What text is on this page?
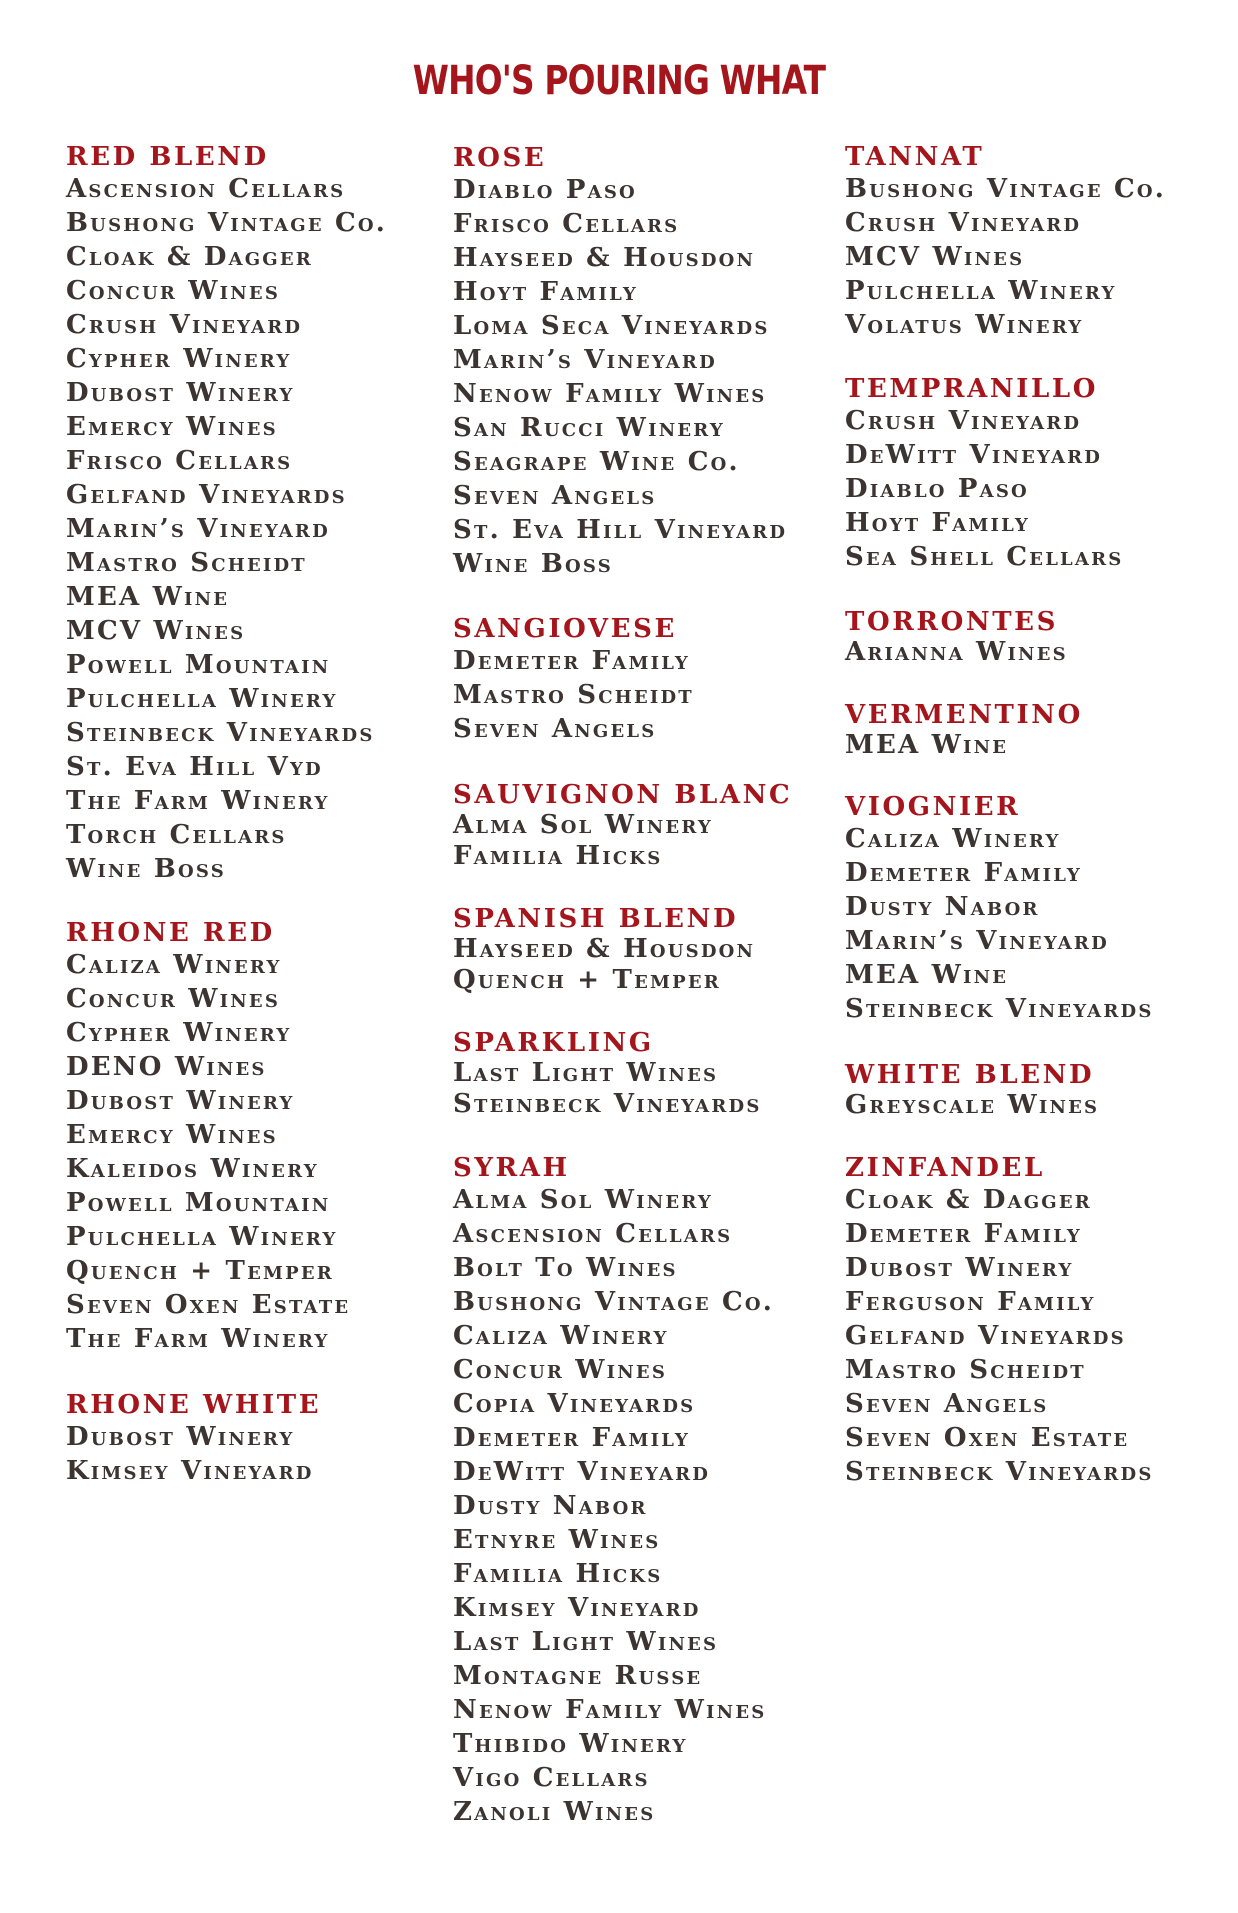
WHO'S POURING WHAT
RED BLEND
Ascension Cellars
Bushong Vintage Co.
Cloak & Dagger
Concur Wines
Crush Vineyard
Cypher Winery
Dubost Winery
Emercy Wines
Frisco Cellars
Gelfand Vineyards
Marin’s Vineyard
Mastro Scheidt
MEA Wine
MCV Wines
Powell Mountain
Pulchella Winery
Steinbeck Vineyards
St. Eva Hill Vyd
The Farm Winery
Torch Cellars
Wine Boss
RHONE RED
Caliza Winery
Concur Wines
Cypher Winery
DENO Wines
Dubost Winery
Emercy Wines
Kaleidos Winery
Powell Mountain
Pulchella Winery
Quench + Temper
Seven Oxen Estate
The Farm Winery
RHONE WHITE
Dubost Winery
Kimsey Vineyard
ROSE
Diablo Paso
Frisco Cellars
Hayseed & Housdon
Hoyt Family
Loma Seca Vineyards
Marin’s Vineyard
Nenow Family Wines
San Rucci Winery
Seagrape Wine Co.
Seven Angels
St. Eva Hill Vineyard
Wine Boss
SANGIOVESE
Demeter Family
Mastro Scheidt
Seven Angels
SAUVIGNON BLANC
Alma Sol Winery
Familia Hicks
SPANISH BLEND
Hayseed & Housdon
Quench + Temper
SPARKLING
Last Light Wines
Steinbeck Vineyards
SYRAH
Alma Sol Winery
Ascension Cellars
Bolt To Wines
Bushong Vintage Co.
Caliza Winery
Concur Wines
Copia Vineyards
Demeter Family
DeWitt Vineyard
Dusty Nabor
Etnyre Wines
Familia Hicks
Kimsey Vineyard
Last Light Wines
Montagne Russe
Nenow Family Wines
Thibido Winery
Vigo Cellars
Zanoli Wines
TANNAT
Bushong Vintage Co.
Crush Vineyard
MCV Wines
Pulchella Winery
Volatus Winery
TEMPRANILLO
Crush Vineyard
DeWitt Vineyard
Diablo Paso
Hoyt Family
Sea Shell Cellars
TORRONTES
Arianna Wines
VERMENTINO
MEA Wine
VIOGNIER
Caliza Winery
Demeter Family
Dusty Nabor
Marin’s Vineyard
MEA Wine
Steinbeck Vineyards
WHITE BLEND
Greyscale Wines
ZINFANDEL
Cloak & Dagger
Demeter Family
Dubost Winery
Ferguson Family
Gelfand Vineyards
Mastro Scheidt
Seven Angels
Seven Oxen Estate
Steinbeck Vineyards
